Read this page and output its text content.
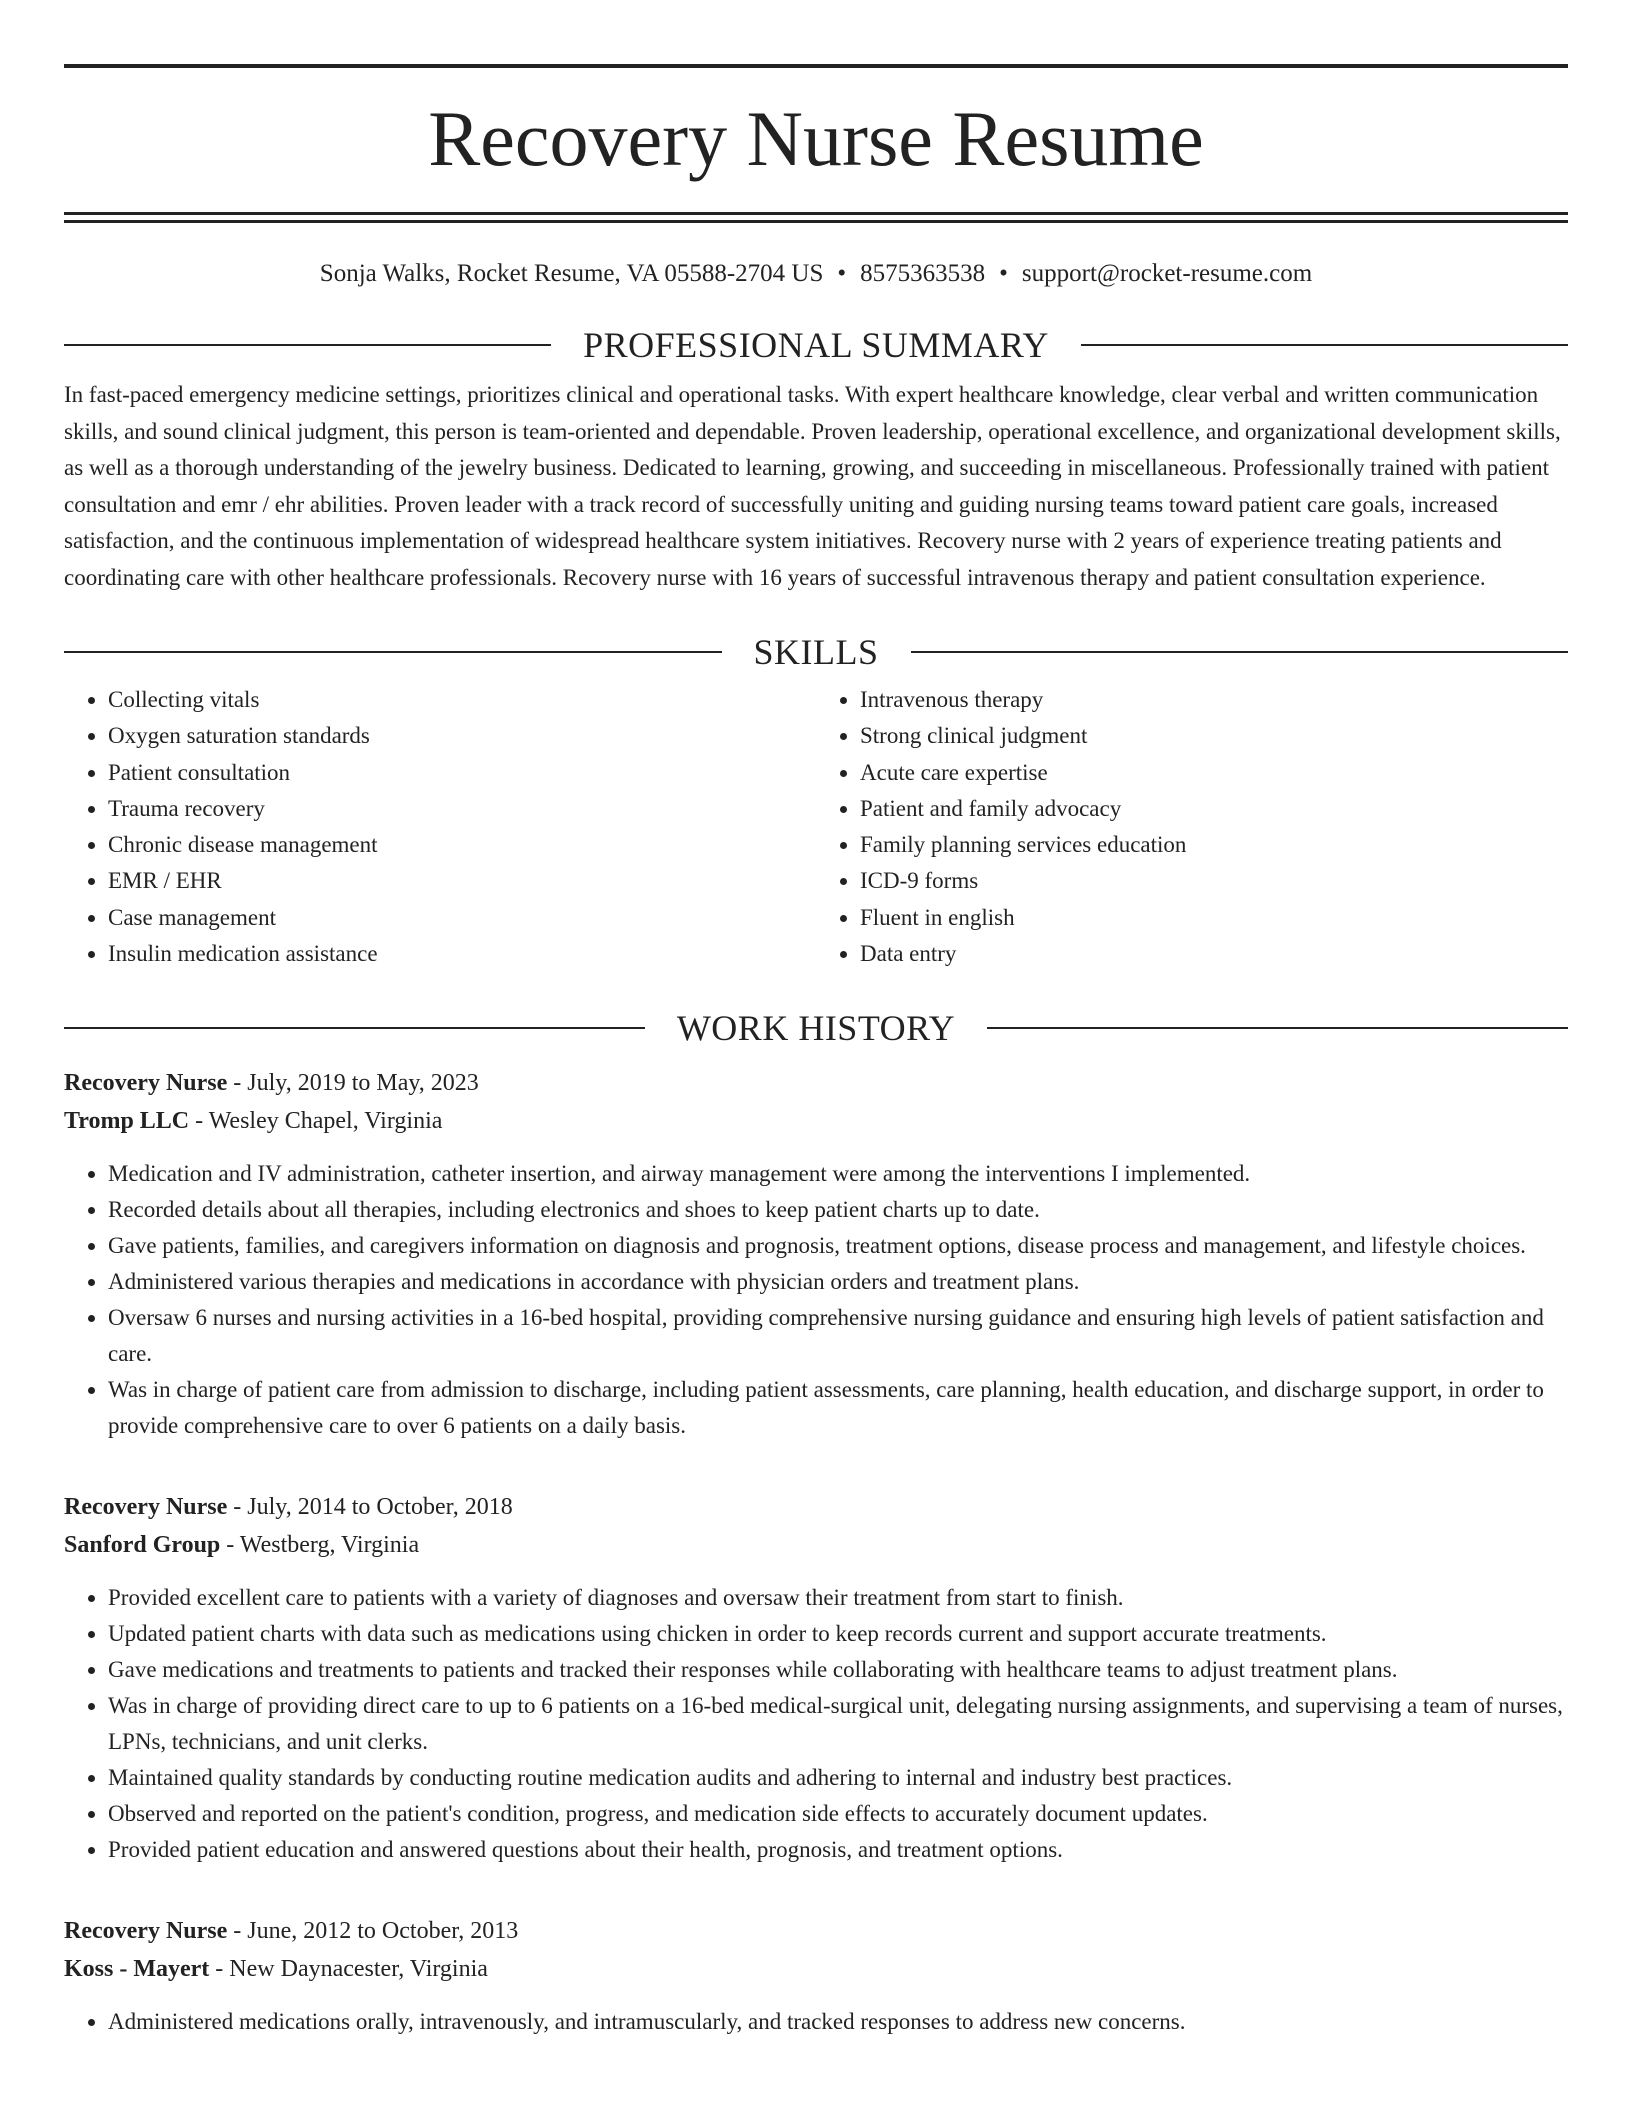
Recovery Nurse Resume
Sonja Walks, Rocket Resume, VA 05588-2704 US • 8575363538 • support@rocket-resume.com
PROFESSIONAL SUMMARY

In fast-paced emergency medicine settings, prioritizes clinical and operational tasks. With expert healthcare knowledge, clear verbal and written communication skills, and sound clinical judgment, this person is team-oriented and dependable. Proven leadership, operational excellence, and organizational development skills, as well as a thorough understanding of the jewelry business. Dedicated to learning, growing, and succeeding in miscellaneous. Professionally trained with patient consultation and emr / ehr abilities. Proven leader with a track record of successfully uniting and guiding nursing teams toward patient care goals, increased satisfaction, and the continuous implementation of widespread healthcare system initiatives. Recovery nurse with 2 years of experience treating patients and coordinating care with other healthcare professionals. Recovery nurse with 16 years of successful intravenous therapy and patient consultation experience.

SKILLS
• Collecting vitals
• Oxygen saturation standards
• Patient consultation
• Trauma recovery
• Chronic disease management
• EMR / EHR
• Case management
• Insulin medication assistance
• Intravenous therapy
• Strong clinical judgment
• Acute care expertise
• Patient and family advocacy
• Family planning services education
• ICD-9 forms
• Fluent in english
• Data entry
WORK HISTORY
Recovery Nurse - July, 2019 to May, 2023
Tromp LLC - Wesley Chapel, Virginia
• Medication and IV administration, catheter insertion, and airway management were among the interventions I implemented.
• Recorded details about all therapies, including electronics and shoes to keep patient charts up to date.
• Gave patients, families, and caregivers information on diagnosis and prognosis, treatment options, disease process and management, and lifestyle choices.
• Administered various therapies and medications in accordance with physician orders and treatment plans.
• Oversaw 6 nurses and nursing activities in a 16-bed hospital, providing comprehensive nursing guidance and ensuring high levels of patient satisfaction and care.
• Was in charge of patient care from admission to discharge, including patient assessments, care planning, health education, and discharge support, in order to provide comprehensive care to over 6 patients on a daily basis.
Recovery Nurse - July, 2014 to October, 2018
Sanford Group - Westberg, Virginia
• Provided excellent care to patients with a variety of diagnoses and oversaw their treatment from start to finish.
• Updated patient charts with data such as medications using chicken in order to keep records current and support accurate treatments.
• Gave medications and treatments to patients and tracked their responses while collaborating with healthcare teams to adjust treatment plans.
• Was in charge of providing direct care to up to 6 patients on a 16-bed medical-surgical unit, delegating nursing assignments, and supervising a team of nurses, LPNs, technicians, and unit clerks.
• Maintained quality standards by conducting routine medication audits and adhering to internal and industry best practices.
• Observed and reported on the patient's condition, progress, and medication side effects to accurately document updates.
• Provided patient education and answered questions about their health, prognosis, and treatment options.
Recovery Nurse - June, 2012 to October, 2013
Koss - Mayert - New Daynacester, Virginia
• Administered medications orally, intravenously, and intramuscularly, and tracked responses to address new concerns.
